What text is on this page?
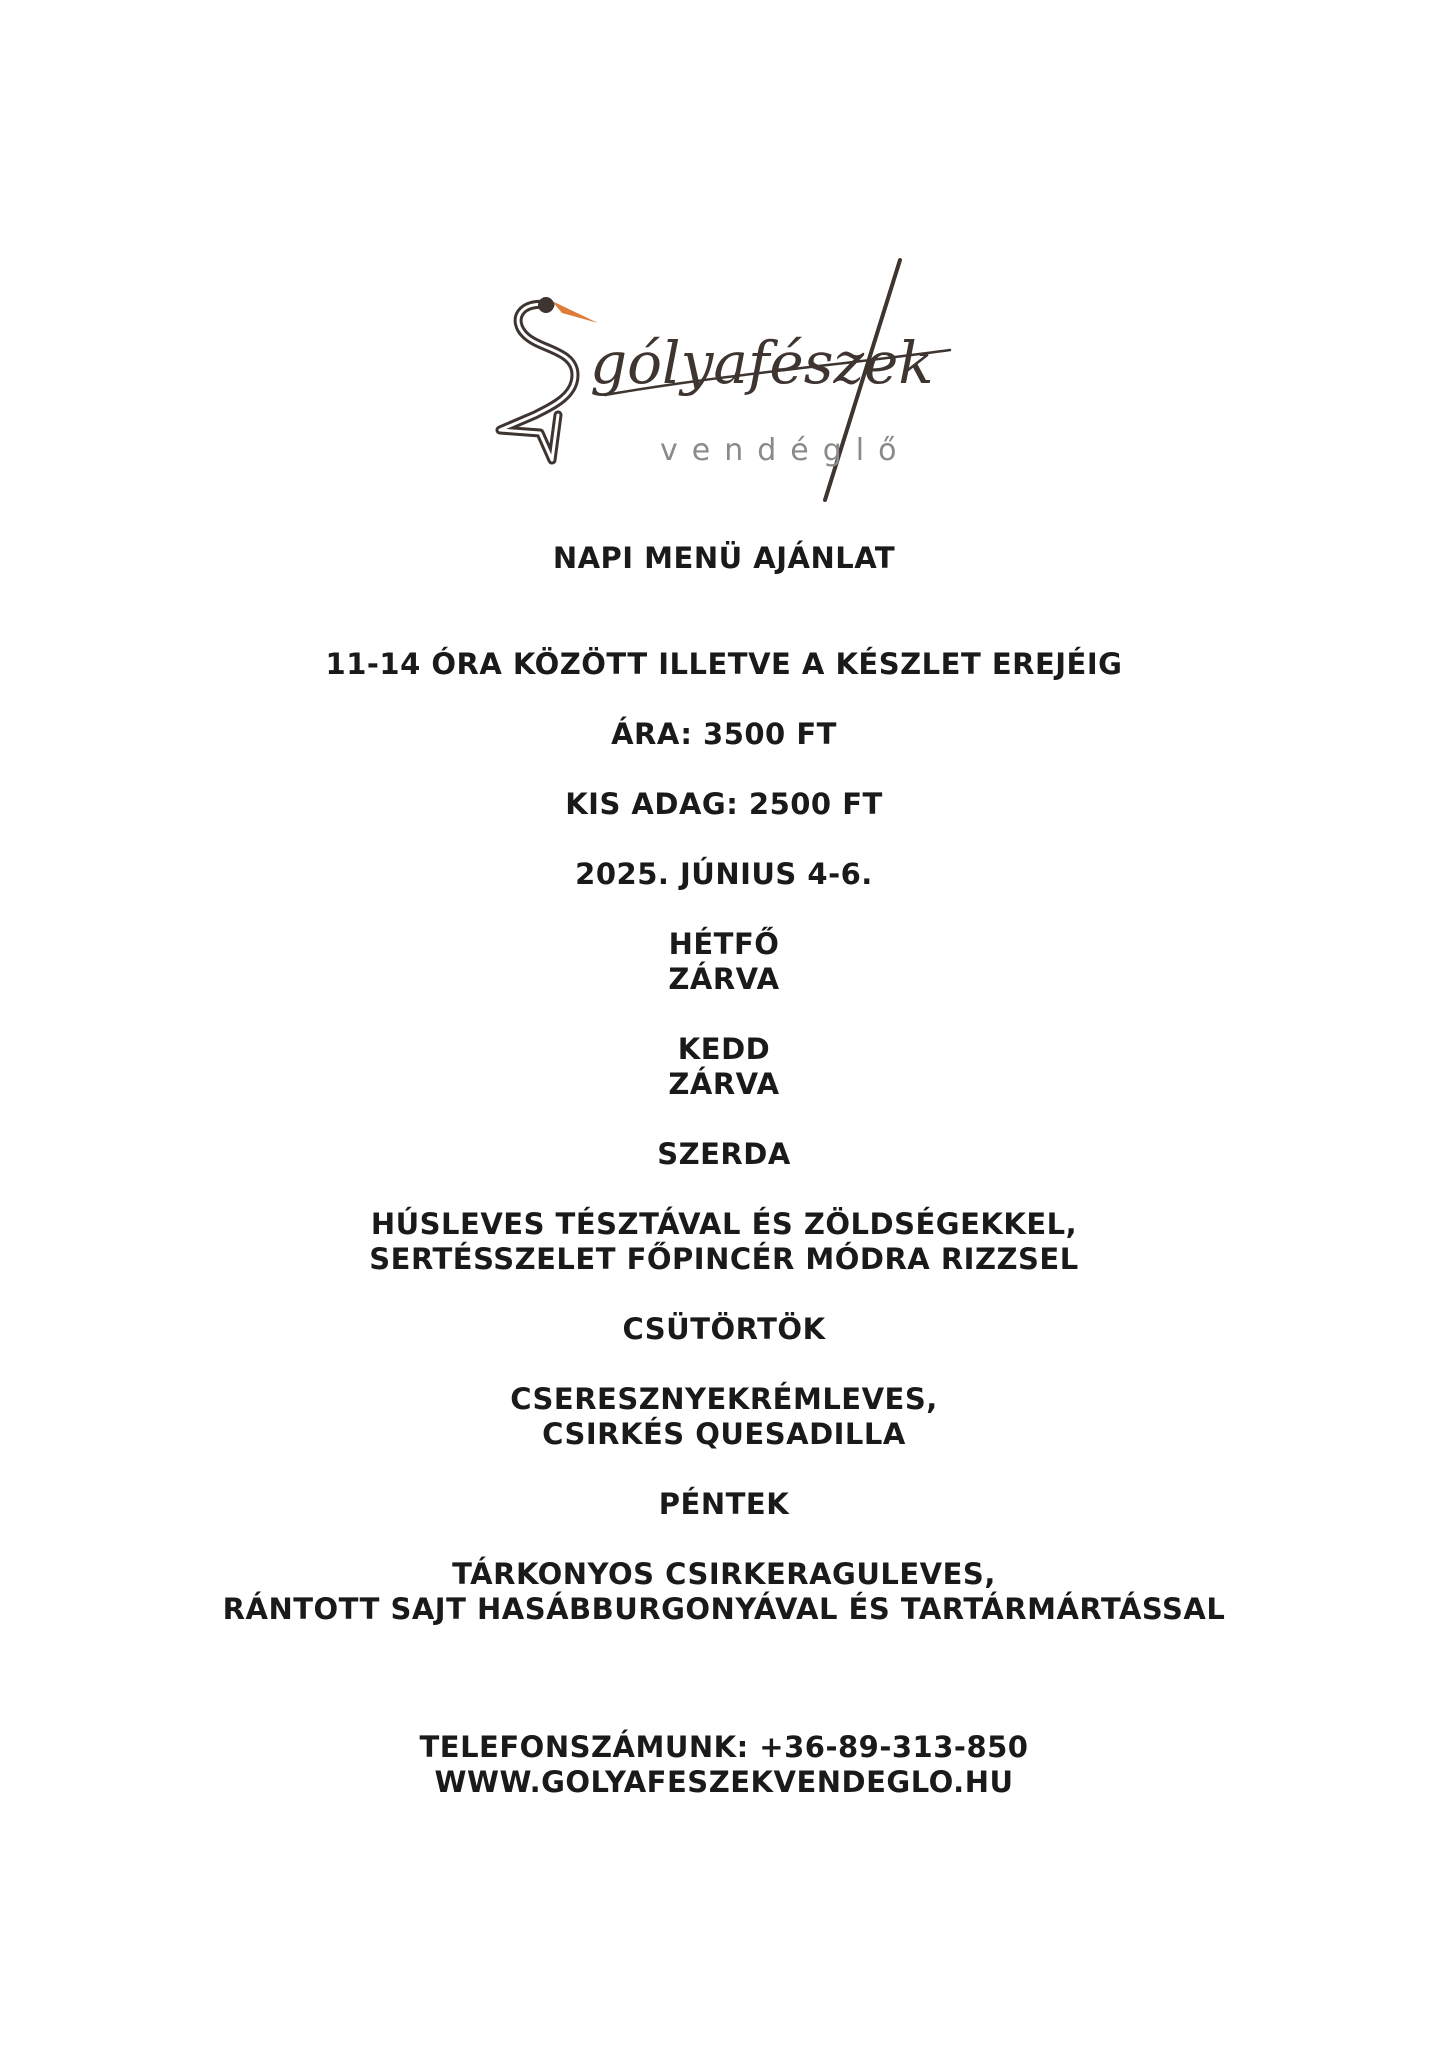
gólyafészek
vendéglő
NAPI MENÜ AJÁNLAT
11-14 ÓRA KÖZÖTT ILLETVE A KÉSZLET EREJÉIG
ÁRA: 3500 FT
KIS ADAG: 2500 FT
2025. JÚNIUS 4-6.
HÉTFŐ
ZÁRVA
KEDD
ZÁRVA
SZERDA
HÚSLEVES TÉSZTÁVAL ÉS ZÖLDSÉGEKKEL,
SERTÉSSZELET FŐPINCÉR MÓDRA RIZZSEL
CSÜTÖRTÖK
CSERESZNYEKRÉMLEVES,
CSIRKÉS QUESADILLA
PÉNTEK
TÁRKONYOS CSIRKERAGULEVES,
RÁNTOTT SAJT HASÁBBURGONYÁVAL ÉS TARTÁRMÁRTÁSSAL
TELEFONSZÁMUNK: +36-89-313-850
WWW.GOLYAFESZEKVENDEGLO.HU
